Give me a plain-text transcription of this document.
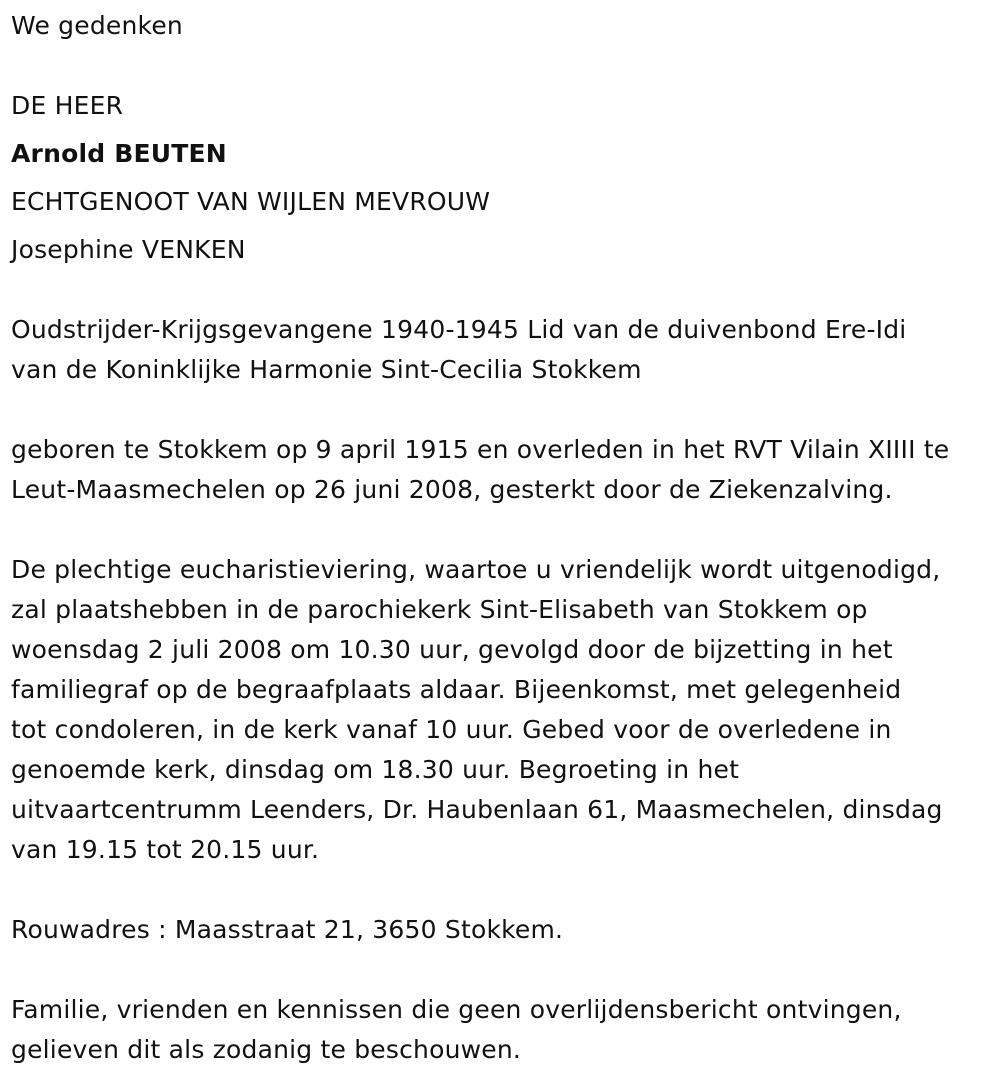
We gedenken
DE HEER
Arnold BEUTEN
ECHTGENOOT VAN WIJLEN MEVROUW
Josephine VENKEN
Oudstrijder-Krijgsgevangene 1940-1945 Lid van de duivenbond Ere-Idi
van de Koninklijke Harmonie Sint-Cecilia Stokkem
geboren te Stokkem op 9 april 1915 en overleden in het RVT Vilain XIIII te
Leut-Maasmechelen op 26 juni 2008, gesterkt door de Ziekenzalving.
De plechtige eucharistieviering, waartoe u vriendelijk wordt uitgenodigd,
zal plaatshebben in de parochiekerk Sint-Elisabeth van Stokkem op
woensdag 2 juli 2008 om 10.30 uur, gevolgd door de bijzetting in het
familiegraf op de begraafplaats aldaar. Bijeenkomst, met gelegenheid
tot condoleren, in de kerk vanaf 10 uur. Gebed voor de overledene in
genoemde kerk, dinsdag om 18.30 uur. Begroeting in het
uitvaartcentrumm Leenders, Dr. Haubenlaan 61, Maasmechelen, dinsdag
van 19.15 tot 20.15 uur.
Rouwadres : Maasstraat 21, 3650 Stokkem.
Familie, vrienden en kennissen die geen overlijdensbericht ontvingen,
gelieven dit als zodanig te beschouwen.
